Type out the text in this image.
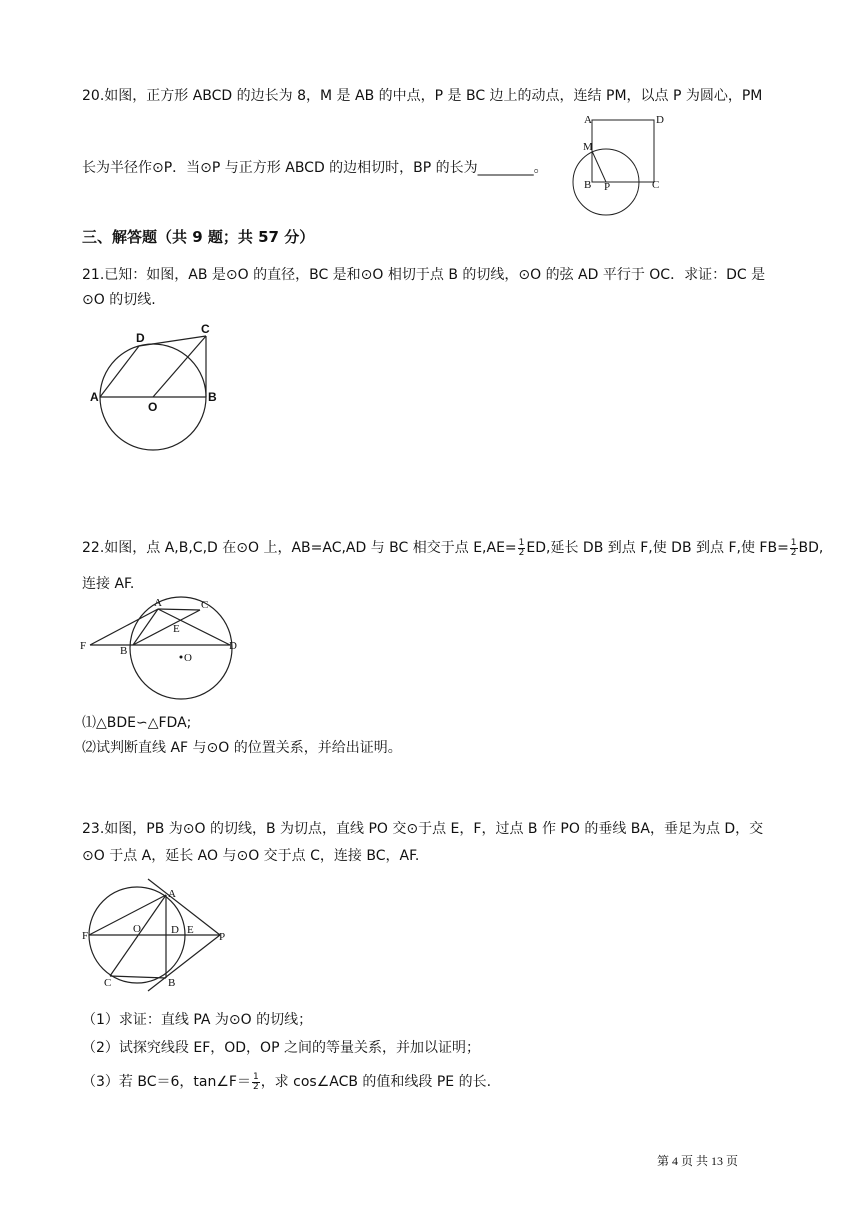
20.如图，正方形 ABCD 的边长为 8，M 是 AB 的中点，P 是 BC 边上的动点，连结 PM，以点 P 为圆心，PM
长为半径作⊙P．当⊙P 与正方形 ABCD 的边相切时，BP 的长为________。
A	D
M
B P	C
三、解答题（共 9 题；共 57 分）
21.已知：如图，AB 是⊙O 的直径，BC 是和⊙O 相切于点 B 的切线，⊙O 的弦 AD 平行于 OC．求证：DC 是
⊙O 的切线.
D
C
A
O
B
22.如图，点 A,B,C,D 在⊙O 上，AB=AC,AD 与 BC 相交于点 $E,AE= \frac{1}{2}$ ED,延长 DB 到点 F,使 DB 到点 F,使 $FB= \frac{1}{2}$ BD,
连接 AF.
A	C
E
F	B	D
O
⑴△BDE∽△FDA;
⑵试判断直线 AF 与⊙O 的位置关系，并给出证明。
23.如图，PB 为⊙O 的切线，B 为切点，直线 PO 交⊙于点 E，F，过点 B 作 PO 的垂线 BA，垂足为点 D，交
⊙O 于点 A，延长 AO 与⊙O 交于点 C，连接 BC，AF.
A
F
O	D E
P
C	B
（1）求证：直线 PA 为⊙O 的切线；
（2）试探究线段 EF，OD，OP 之间的等量关系，并加以证明；
（3）若 BC＝6，tan∠F＝ $\frac{1}{2}$ ，求 cos∠ACB 的值和线段 PE 的长.
第 4 页 共 13 页
